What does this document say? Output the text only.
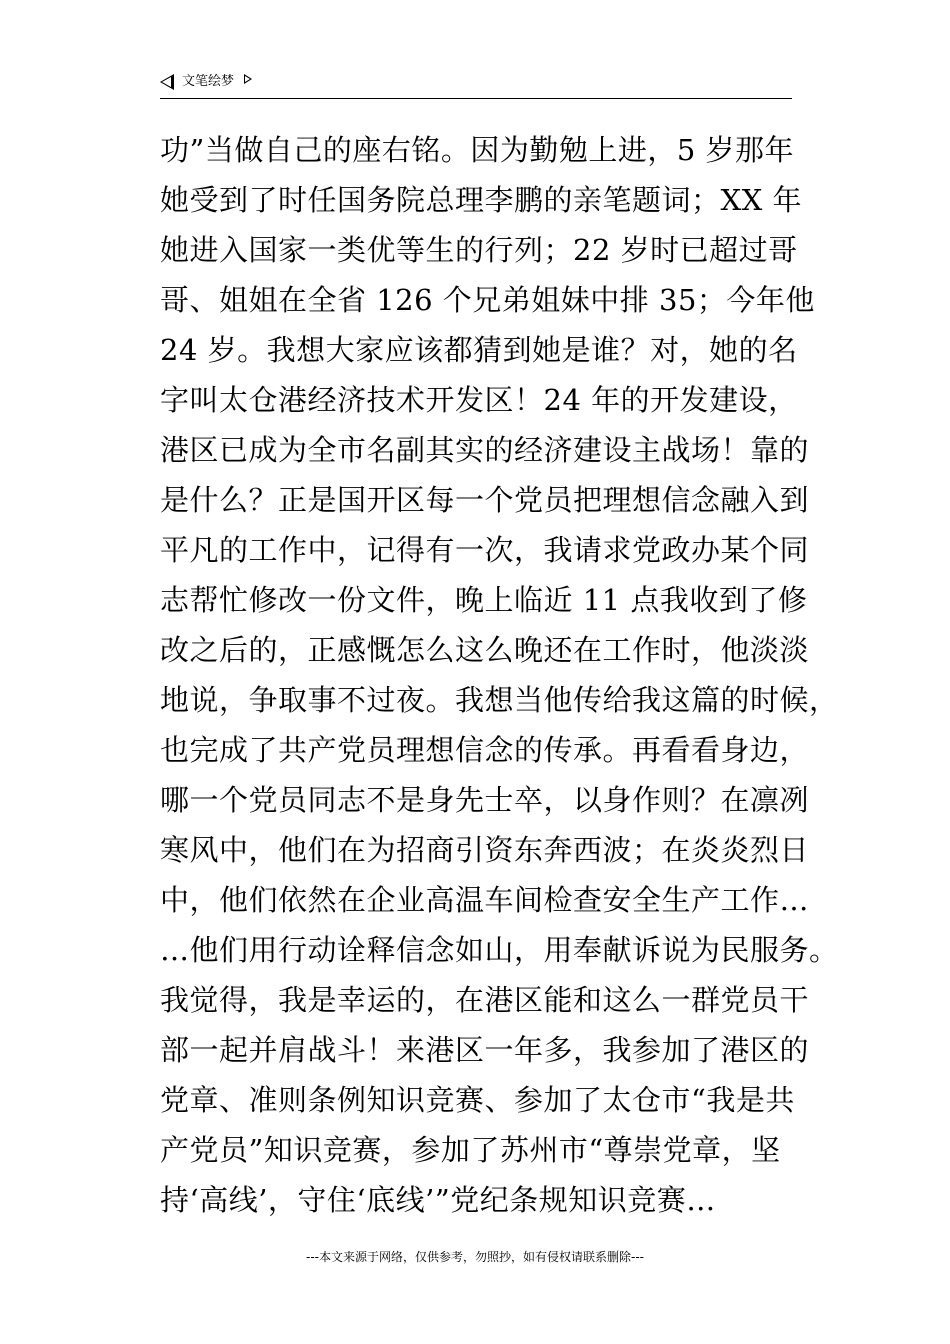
文笔绘梦
功”当做自己的座右铭。因为勤勉上进，5 岁那年
她受到了时任国务院总理李鹏的亲笔题词；XX 年
她进入国家一类优等生的行列；22 岁时已超过哥
哥、姐姐在全省 126 个兄弟姐妹中排 35；今年他
24 岁。我想大家应该都猜到她是谁？对，她的名
字叫太仓港经济技术开发区！24 年的开发建设，
港区已成为全市名副其实的经济建设主战场！靠的
是什么？正是国开区每一个党员把理想信念融入到
平凡的工作中，记得有一次，我请求党政办某个同
志帮忙修改一份文件，晚上临近 11 点我收到了修
改之后的，正感慨怎么这么晚还在工作时，他淡淡
地说，争取事不过夜。我想当他传给我这篇的时候，
也完成了共产党员理想信念的传承。再看看身边，
哪一个党员同志不是身先士卒，以身作则？在凛冽
寒风中，他们在为招商引资东奔西波；在炎炎烈日
中，他们依然在企业高温车间检查安全生产工作…
…他们用行动诠释信念如山，用奉献诉说为民服务。
我觉得，我是幸运的，在港区能和这么一群党员干
部一起并肩战斗！来港区一年多，我参加了港区的
党章、准则条例知识竞赛、参加了太仓市“我是共
产党员”知识竞赛，参加了苏州市“尊崇党章，坚
持‘高线’，守住‘底线’”党纪条规知识竞赛…
---本文来源于网络，仅供参考，勿照抄，如有侵权请联系删除---
